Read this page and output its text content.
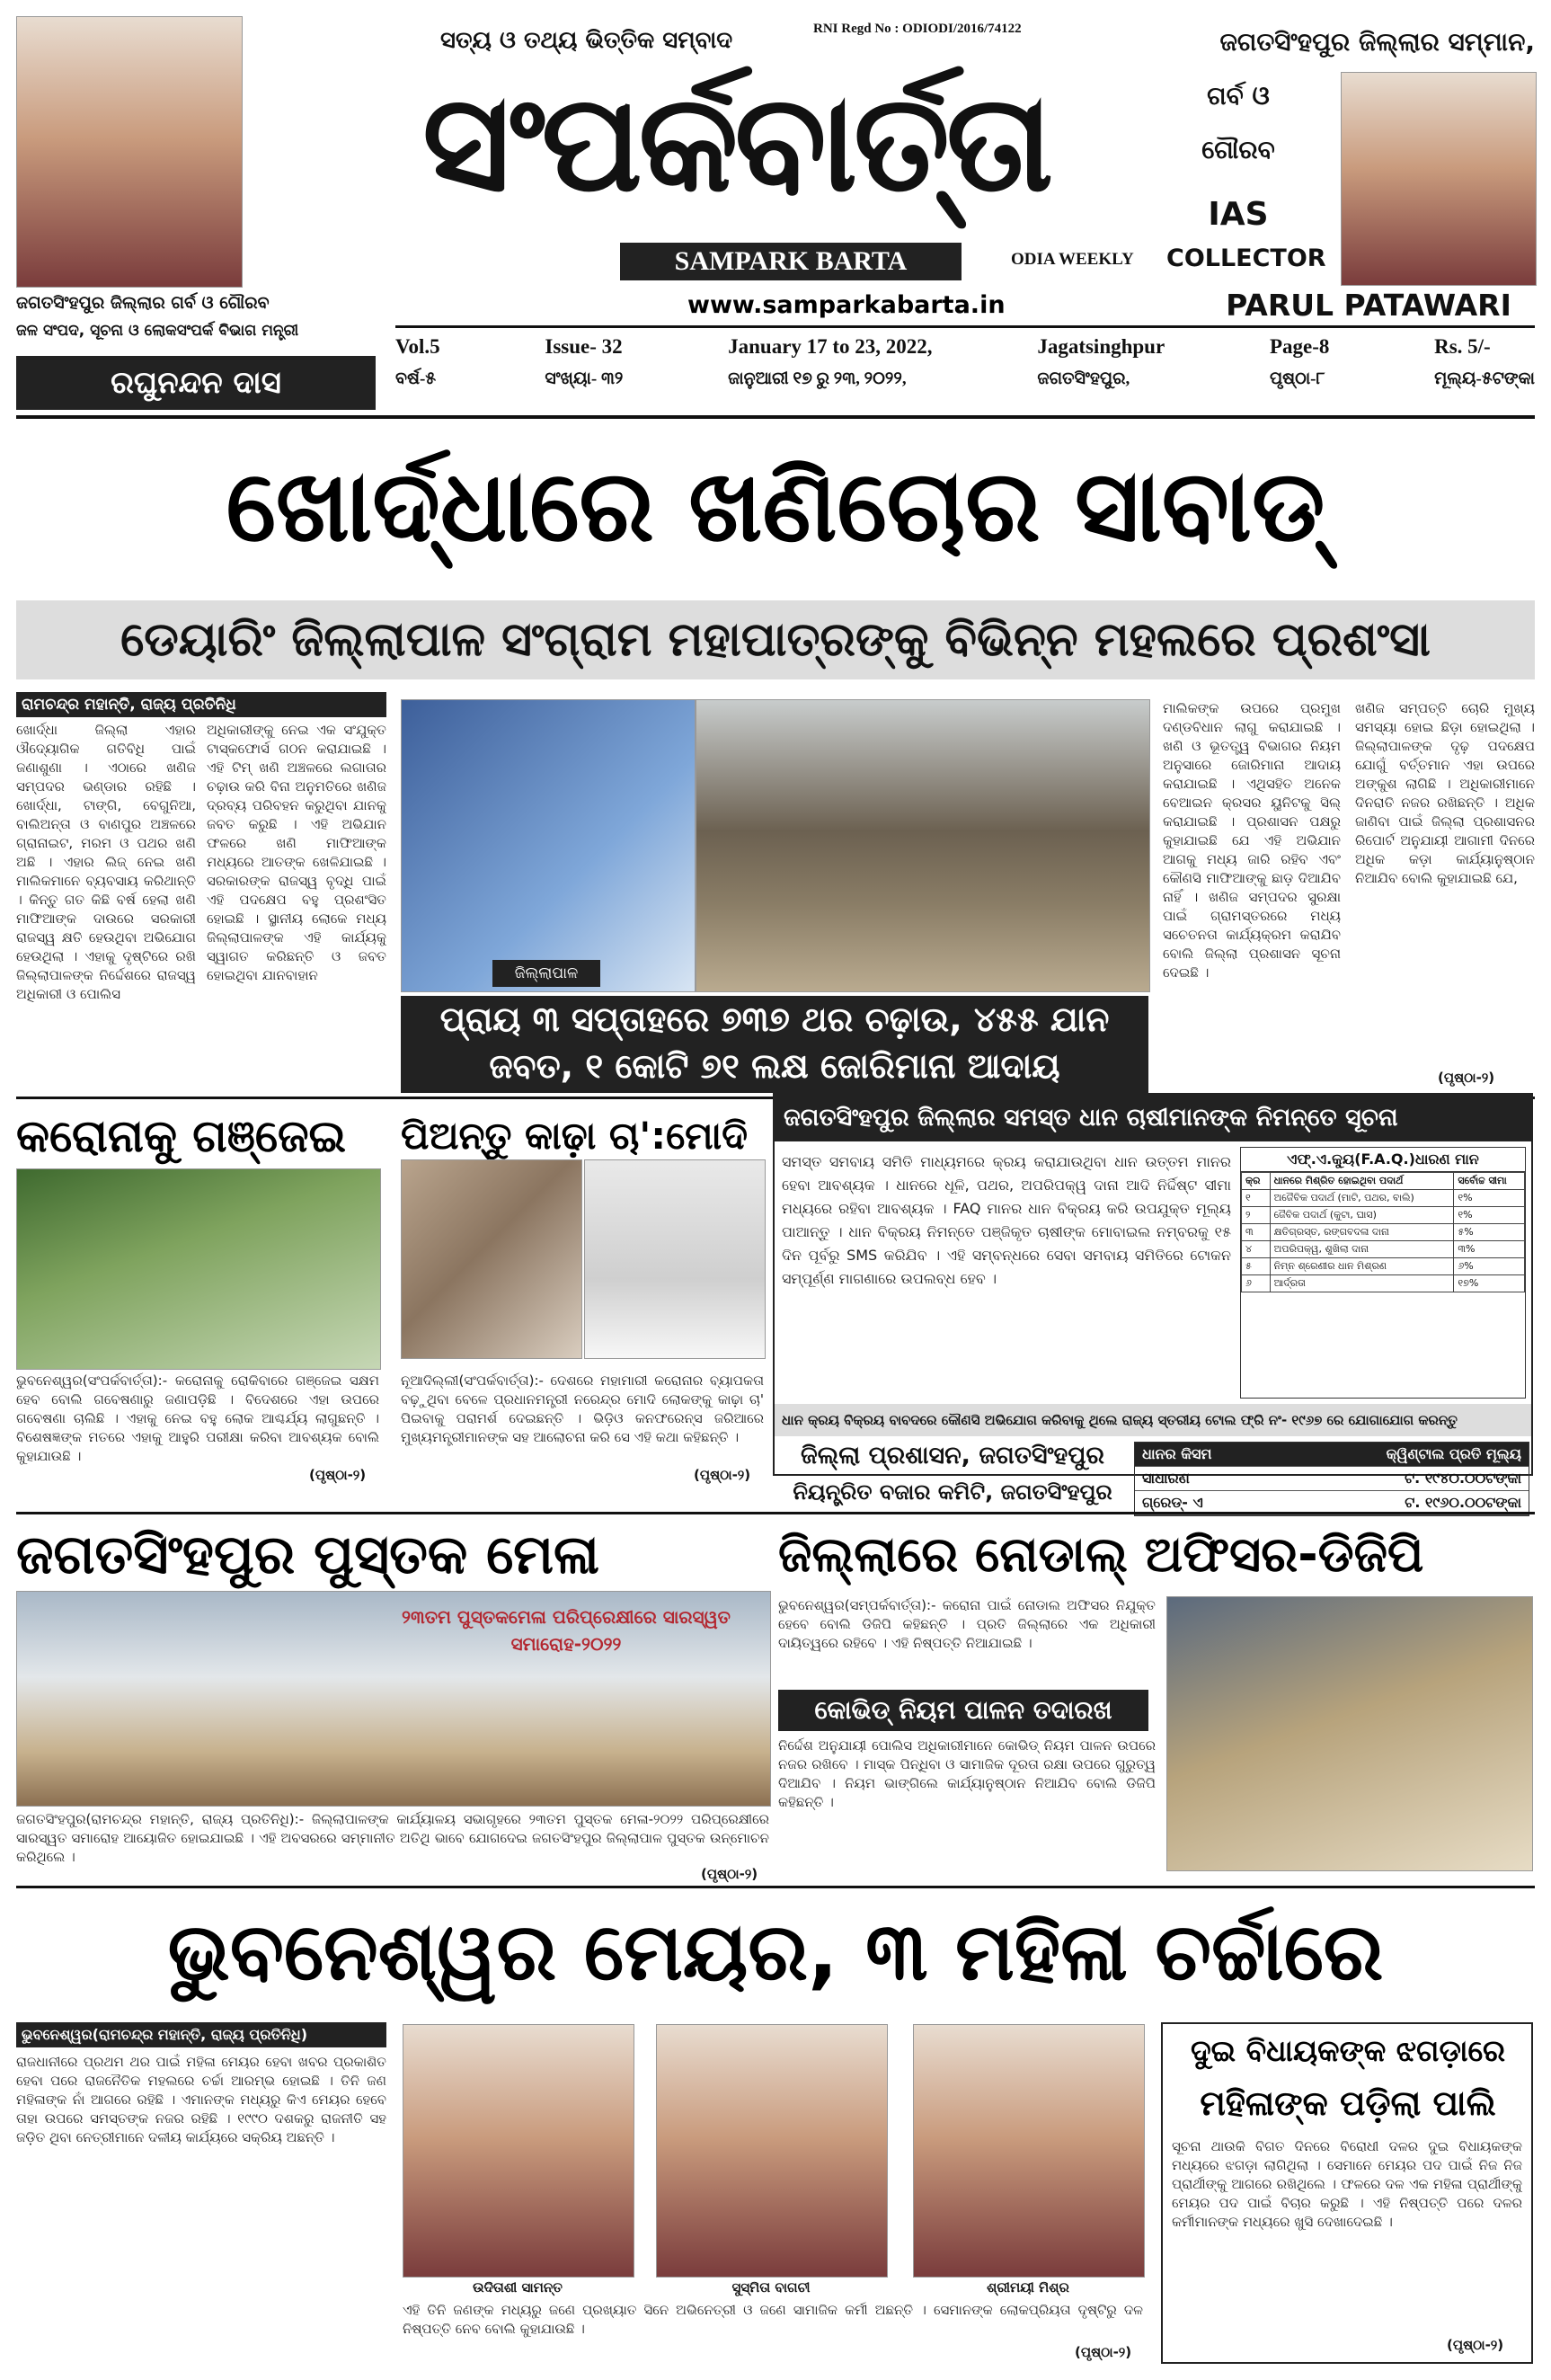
ଜଗତସିଂହପୁର ଜିଲ୍ଲାର ଗର୍ବ ଓ ଗୌରବ
ଜଳ ସଂପଦ, ସୂଚନା ଓ ଲୋକସଂପର୍କ ବିଭାଗ ମନ୍ତ୍ରୀ
ରଘୁନନ୍ଦନ ଦାସ
ସତ୍ୟ ଓ ତଥ୍ୟ ଭିତ୍ତିକ ସମ୍ବାଦ	RNI Regd No : ODIODI/2016/74122
ସଂପର୍କବାର୍ତ୍ତା
SAMPARK BARTA	ODIA WEEKLY
www.samparkabarta.in
ଜଗତସିଂହପୁର ଜିଲ୍ଲାର ସମ୍ମାନ,
ଗର୍ବ ଓ
ଗୌରବ
IAS
COLLECTOR
PARUL PATAWARI
Vol.5
ବର୍ଷ-୫
Issue- 32
ସଂଖ୍ୟା- ୩୨
January 17 to 23, 2022,
ଜାନୁଆରୀ ୧୭ ରୁ ୨୩, ୨୦୨୨,
Jagatsinghpur
ଜଗତସିଂହପୁର,
Page-8
ପୃଷ୍ଠା-୮
Rs. 5/-
ମୂଲ୍ୟ-୫ଟଙ୍କା
ଖୋର୍ଦ୍ଧାରେ ଖଣିଚୋର ସାବାଡ୍
ଡେୟାରିଂ ଜିଲ୍ଲାପାଳ ସଂଗ୍ରାମ ମହାପାତ୍ରଙ୍କୁ ବିଭିନ୍ନ ମହଲରେ ପ୍ରଶଂସା
ରାମଚନ୍ଦ୍ର ମହାନ୍ତି, ରାଜ୍ୟ ପ୍ରତିନିଧି
ଖୋର୍ଦ୍ଧା ଜିଲ୍ଲା ଏହାର ଔଦ୍ୟୋଗିକ ଗତିବିଧି ପାଇଁ ଜଣାଶୁଣା । ଏଠାରେ ଖଣିଜ ସମ୍ପଦର ଭଣ୍ଡାର ରହିଛି । ଖୋର୍ଦ୍ଧା, ଟାଙ୍ଗି, ବେଗୁନିଆ, ବାଲିଅନ୍ତା ଓ ବାଣପୁର ଅଞ୍ଚଳରେ ଗ୍ରାନାଇଟ, ମରମ ଓ ପଥର ଖଣି ଅଛି । ଏହାର ଲିଜ୍ ନେଇ ଖଣି ମାଲିକମାନେ ବ୍ୟବସାୟ କରିଥାନ୍ତି । କିନ୍ତୁ ଗତ କିଛି ବର୍ଷ ହେଲା ଖଣି ମାଫିଆଙ୍କ ଦାଉରେ ସରକାରୀ ରାଜସ୍ୱ କ୍ଷତି ହେଉଥିବା ଅଭିଯୋଗ ହେଉଥିଲା । ଏହାକୁ ଦୃଷ୍ଟିରେ ରଖି ଜିଲ୍ଲାପାଳଙ୍କ ନିର୍ଦ୍ଦେଶରେ ରାଜସ୍ୱ ଅଧିକାରୀ ଓ ପୋଲିସ
ଅଧିକାରୀଙ୍କୁ ନେଇ ଏକ ସଂଯୁକ୍ତ ଟାସ୍କଫୋର୍ସ ଗଠନ କରାଯାଇଛି । ଏହି ଟିମ୍ ଖଣି ଅଞ୍ଚଳରେ ଲଗାତାର ଚଢ଼ାଉ କରି ବିନା ଅନୁମତିରେ ଖଣିଜ ଦ୍ରବ୍ୟ ପରିବହନ କରୁଥିବା ଯାନକୁ ଜବତ କରୁଛି । ଏହି ଅଭିଯାନ ଫଳରେ ଖଣି ମାଫିଆଙ୍କ ମଧ୍ୟରେ ଆତଙ୍କ ଖେଳିଯାଇଛି । ସରକାରଙ୍କ ରାଜସ୍ୱ ବୃଦ୍ଧି ପାଇଁ ଏହି ପଦକ୍ଷେପ ବହୁ ପ୍ରଶଂସିତ ହୋଇଛି । ସ୍ଥାନୀୟ ଲୋକେ ମଧ୍ୟ ଜିଲ୍ଲାପାଳଙ୍କ ଏହି କାର୍ଯ୍ୟକୁ ସ୍ୱାଗତ କରିଛନ୍ତି ଓ ଜବତ ହୋଇଥିବା ଯାନବାହାନ	ଜିଲ୍ଲାପାଳ
ପ୍ରାୟ ୩ ସପ୍ତାହରେ ୭୩୭ ଥର ଚଢ଼ାଉ, ୪୫୫ ଯାନ
ଜବତ, ୧ କୋଟି ୭୧ ଲକ୍ଷ ଜୋରିମାନା ଆଦାୟ
ମାଲିକଙ୍କ ଉପରେ ପ୍ରମୁଖ ଦଣ୍ଡବିଧାନ ଲାଗୁ କରାଯାଇଛି । ଖଣି ଓ ଭୂତତ୍ତ୍ୱ ବିଭାଗର ନିୟମ ଅନୁସାରେ ଜୋରିମାନା ଆଦାୟ କରାଯାଇଛି । ଏଥିସହିତ ଅନେକ ବେଆଇନ କ୍ରସର ୟୁନିଟକୁ ସିଲ୍ କରାଯାଇଛି । ପ୍ରଶାସନ ପକ୍ଷରୁ କୁହାଯାଇଛି ଯେ ଏହି ଅଭିଯାନ ଆଗକୁ ମଧ୍ୟ ଜାରି ରହିବ ଏବଂ କୌଣସି ମାଫିଆଙ୍କୁ ଛାଡ଼ ଦିଆଯିବ ନାହିଁ । ଖଣିଜ ସମ୍ପଦର ସୁରକ୍ଷା ପାଇଁ ଗ୍ରାମସ୍ତରରେ ମଧ୍ୟ ସଚେତନତା କାର୍ଯ୍ୟକ୍ରମ କରାଯିବ ବୋଲି ଜିଲ୍ଲା ପ୍ରଶାସନ ସୂଚନା ଦେଇଛି ।
ଖଣିଜ ସମ୍ପତ୍ତି ଚୋରି ମୁଖ୍ୟ ସମସ୍ୟା ହୋଇ ଛିଡ଼ା ହୋଇଥିଲା । ଜିଲ୍ଲାପାଳଙ୍କ ଦୃଢ଼ ପଦକ୍ଷେପ ଯୋଗୁଁ ବର୍ତ୍ତମାନ ଏହା ଉପରେ ଅଙ୍କୁଶ ଲାଗିଛି । ଅଧିକାରୀମାନେ ଦିନରାତି ନଜର ରଖିଛନ୍ତି । ଅଧିକ ଜାଣିବା ପାଇଁ ଜିଲ୍ଲା ପ୍ରଶାସନର ରିପୋର୍ଟ ଅନୁଯାୟୀ ଆଗାମୀ ଦିନରେ ଅଧିକ କଡ଼ା କାର୍ଯ୍ୟାନୁଷ୍ଠାନ ନିଆଯିବ ବୋଲି କୁହାଯାଇଛି ଯେ,
(ପୃଷ୍ଠା-୨)
କରୋନାକୁ ଗଞ୍ଜେଇ
ଭୁବନେଶ୍ୱର(ସଂପର୍କବାର୍ତ୍ତା):- କରୋନାକୁ ରୋକିବାରେ ଗଞ୍ଜେଇ ସକ୍ଷମ ହେବ ବୋଲି ଗବେଷଣାରୁ ଜଣାପଡ଼ିଛି । ବିଦେଶରେ ଏହା ଉପରେ ଗବେଷଣା ଚାଲିଛି । ଏହାକୁ ନେଇ ବହୁ ଲୋକ ଆଶ୍ଚର୍ଯ୍ୟ ଲାଗୁଛନ୍ତି । ବିଶେଷଜ୍ଞଙ୍କ ମତରେ ଏହାକୁ ଆହୁରି ପରୀକ୍ଷା କରିବା ଆବଶ୍ୟକ ବୋଲି କୁହାଯାଉଛି ।
(ପୃଷ୍ଠା-୨)
ପିଅନ୍ତୁ କାଢ଼ା ଚା':ମୋଦି
ନୂଆଦିଲ୍ଲୀ(ସଂପର୍କବାର୍ତ୍ତା):- ଦେଶରେ ମହାମାରୀ କରୋନାର ବ୍ୟାପକତା ବଢ଼ୁଥିବା ବେଳେ ପ୍ରଧାନମନ୍ତ୍ରୀ ନରେନ୍ଦ୍ର ମୋଦି ଲୋକଙ୍କୁ କାଢ଼ା ଚା' ପିଇବାକୁ ପରାମର୍ଶ ଦେଇଛନ୍ତି । ଭିଡ଼ିଓ କନଫରେନ୍ସ ଜରିଆରେ ମୁଖ୍ୟମନ୍ତ୍ରୀମାନଙ୍କ ସହ ଆଲୋଚନା କରି ସେ ଏହି କଥା କହିଛନ୍ତି ।
(ପୃଷ୍ଠା-୨)
ଜଗତସିଂହପୁର ଜିଲ୍ଲାର ସମସ୍ତ ଧାନ ଚାଷୀମାନଙ୍କ ନିମନ୍ତେ ସୂଚନା
ସମସ୍ତ ସମବାୟ ସମିତି ମାଧ୍ୟମରେ କ୍ରୟ କରାଯାଉଥିବା ଧାନ ଉତ୍ତମ ମାନର ହେବା ଆବଶ୍ୟକ । ଧାନରେ ଧୂଳି, ପଥର, ଅପରିପକ୍ୱ ଦାନା ଆଦି ନିର୍ଦ୍ଦିଷ୍ଟ ସୀମା ମଧ୍ୟରେ ରହିବା ଆବଶ୍ୟକ । FAQ ମାନର ଧାନ ବିକ୍ରୟ କରି ଉପଯୁକ୍ତ ମୂଲ୍ୟ ପାଆନ୍ତୁ । ଧାନ ବିକ୍ରୟ ନିମନ୍ତେ ପଞ୍ଜିକୃତ ଚାଷୀଙ୍କ ମୋବାଇଲ ନମ୍ବରକୁ ୧୫ ଦିନ ପୂର୍ବରୁ SMS କରିଯିବ । ଏହି ସମ୍ବନ୍ଧରେ ସେବା ସମବାୟ ସମିତିରେ ଟୋକନ ସମ୍ପୂର୍ଣ୍ଣ ମାଗଣାରେ ଉପଲବ୍ଧ ହେବ ।
ଏଫ୍.ଏ.କ୍ୟୁ(F.A.Q.)ଧାରଣ ମାନ
କ୍ର	ଧାନରେ ମିଶ୍ରିତ ହୋଇଥିବା ପଦାର୍ଥ	ସର୍ବୋଚ୍ଚ ସୀମା
୧	ଅଜୈବିକ ପଦାର୍ଥ (ମାଟି, ପଥର, ବାଲି)	୧%
୨	ଜୈବିକ ପଦାର୍ଥ (କୁଟା, ଘାସ)	୧%
୩	କ୍ଷତିଗ୍ରସ୍ତ, ରଙ୍ଗବଦଳା ଦାନା	୫%
୪	ଅପରିପକ୍ୱ, ଶୁଖିଲା ଦାନା	୩%
୫	ନିମ୍ନ ଶ୍ରେଣୀର ଧାନ ମିଶ୍ରଣ	୬%
୬	ଆର୍ଦ୍ରତା	୧୭%
ଧାନ କ୍ରୟ ବିକ୍ରୟ ବାବଦରେ କୌଣସି ଅଭିଯୋଗ କରିବାକୁ ଥିଲେ ରାଜ୍ୟ ସ୍ତରୀୟ ଟୋଲ ଫ୍ରି ନଂ- ୧୯୬୭ ରେ ଯୋଗାଯୋଗ କରନ୍ତୁ
ଜିଲ୍ଲା ପ୍ରଶାସନ, ଜଗତସିଂହପୁର
ନିୟନ୍ତ୍ରିତ ବଜାର କମିଟି, ଜଗତସିଂହପୁର
ଧାନର କିସମ	କ୍ୱିଣ୍ଟାଲ ପ୍ରତି ମୂଲ୍ୟ
ସାଧାରଣ	ଟ. ୧୯୪୦.୦୦ଟଙ୍କା
ଗ୍ରେଡ୍- ଏ	ଟ. ୧୯୬୦.୦୦ଟଙ୍କା
ଜଗତସିଂହପୁର ପୁସ୍ତକ ମେଳା
୨୩ତମ ପୁସ୍ତକମେଳା ପରିପ୍ରେକ୍ଷୀରେ ସାରସ୍ୱତ ସମାରୋହ-୨୦୨୨
ଜଗତସିଂହପୁର(ରାମଚନ୍ଦ୍ର ମହାନ୍ତି, ରାଜ୍ୟ ପ୍ରତିନିଧି):- ଜିଲ୍ଲାପାଳଙ୍କ କାର୍ଯ୍ୟାଳୟ ସଭାଗୃହରେ ୨୩ତମ ପୁସ୍ତକ ମେଳା-୨୦୨୨ ପରିପ୍ରେକ୍ଷୀରେ ସାରସ୍ୱତ ସମାରୋହ ଆୟୋଜିତ ହୋଇଯାଇଛି । ଏହି ଅବସରରେ ସମ୍ମାନୀତ ଅତିଥି ଭାବେ ଯୋଗଦେଇ ଜଗତସିଂହପୁର ଜିଲ୍ଲାପାଳ ପୁସ୍ତକ ଉନ୍ମୋଚନ କରିଥିଲେ ।
(ପୃଷ୍ଠା-୨)
ଜିଲ୍ଲାରେ ନୋଡାଲ୍ ଅଫିସର-ଡିଜିପି
ଭୁବନେଶ୍ୱର(ସମ୍ପର୍କବାର୍ତ୍ତା):- କରୋନା ପାଇଁ ନୋଡାଲ ଅଫିସର ନିଯୁକ୍ତ ହେବେ ବୋଲି ଡିଜିପି କହିଛନ୍ତି । ପ୍ରତି ଜିଲ୍ଲାରେ ଏକ ଅଧିକାରୀ ଦାୟିତ୍ୱରେ ରହିବେ । ଏହି ନିଷ୍ପତ୍ତି ନିଆଯାଇଛି ।
କୋଭିଡ୍ ନିୟମ ପାଳନ ତଦାରଖ
ନିର୍ଦ୍ଦେଶ ଅନୁଯାୟୀ ପୋଲିସ ଅଧିକାରୀମାନେ କୋଭିଡ୍ ନିୟମ ପାଳନ ଉପରେ ନଜର ରଖିବେ । ମାସ୍କ ପିନ୍ଧିବା ଓ ସାମାଜିକ ଦୂରତା ରକ୍ଷା ଉପରେ ଗୁରୁତ୍ୱ ଦିଆଯିବ । ନିୟମ ଭାଙ୍ଗିଲେ କାର୍ଯ୍ୟାନୁଷ୍ଠାନ ନିଆଯିବ ବୋଲି ଡିଜିପି କହିଛନ୍ତି ।
ଭୁବନେଶ୍ୱର ମେୟର, ୩ ମହିଳା ଚର୍ଚ୍ଚାରେ
ଭୁବନେଶ୍ୱର(ରାମଚନ୍ଦ୍ର ମହାନ୍ତି, ରାଜ୍ୟ ପ୍ରତିନିଧି)
ରାଜଧାନୀରେ ପ୍ରଥମ ଥର ପାଇଁ ମହିଳା ମେୟର ହେବା ଖବର ପ୍ରକାଶିତ ହେବା ପରେ ରାଜନୈତିକ ମହଲରେ ଚର୍ଚ୍ଚା ଆରମ୍ଭ ହୋଇଛି । ତିନି ଜଣ ମହିଳାଙ୍କ ନାଁ ଆଗରେ ରହିଛି । ଏମାନଙ୍କ ମଧ୍ୟରୁ କିଏ ମେୟର ହେବେ ତାହା ଉପରେ ସମସ୍ତଙ୍କ ନଜର ରହିଛି । ୧୯୯୦ ଦଶକରୁ ରାଜନୀତି ସହ ଜଡ଼ିତ ଥିବା ନେତ୍ରୀମାନେ ଦଳୀୟ କାର୍ଯ୍ୟରେ ସକ୍ରିୟ ଅଛନ୍ତି ।
ଉଦିତାଶୀ ସାମନ୍ତ	ସୁସ୍ମିତା ବାଗଚୀ	ଶ୍ରୀମୟୀ ମିଶ୍ର
ଏହି ତିନି ଜଣଙ୍କ ମଧ୍ୟରୁ ଜଣେ ପ୍ରଖ୍ୟାତ ସିନେ ଅଭିନେତ୍ରୀ ଓ ଜଣେ ସାମାଜିକ କର୍ମୀ ଅଛନ୍ତି । ସେମାନଙ୍କ ଲୋକପ୍ରିୟତା ଦୃଷ୍ଟିରୁ ଦଳ ନିଷ୍ପତ୍ତି ନେବ ବୋଲି କୁହାଯାଉଛି ।
(ପୃଷ୍ଠା-୨)
ଦୁଇ ବିଧାୟକଙ୍କ ଝଗଡ଼ାରେ
ମହିଳାଙ୍କ ପଡ଼ିଲା ପାଲି
ସୂଚନା ଥାଉକି ବିଗତ ଦିନରେ ବିରୋଧୀ ଦଳର ଦୁଇ ବିଧାୟକଙ୍କ ମଧ୍ୟରେ ଝଗଡ଼ା ଲାଗିଥିଲା । ସେମାନେ ମେୟର ପଦ ପାଇଁ ନିଜ ନିଜ ପ୍ରାର୍ଥୀଙ୍କୁ ଆଗରେ ରଖିଥିଲେ । ଫଳରେ ଦଳ ଏକ ମହିଳା ପ୍ରାର୍ଥୀଙ୍କୁ ମେୟର ପଦ ପାଇଁ ବିଚାର କରୁଛି । ଏହି ନିଷ୍ପତ୍ତି ପରେ ଦଳର କର୍ମୀମାନଙ୍କ ମଧ୍ୟରେ ଖୁସି ଦେଖାଦେଇଛି ।
(ପୃଷ୍ଠା-୨)
